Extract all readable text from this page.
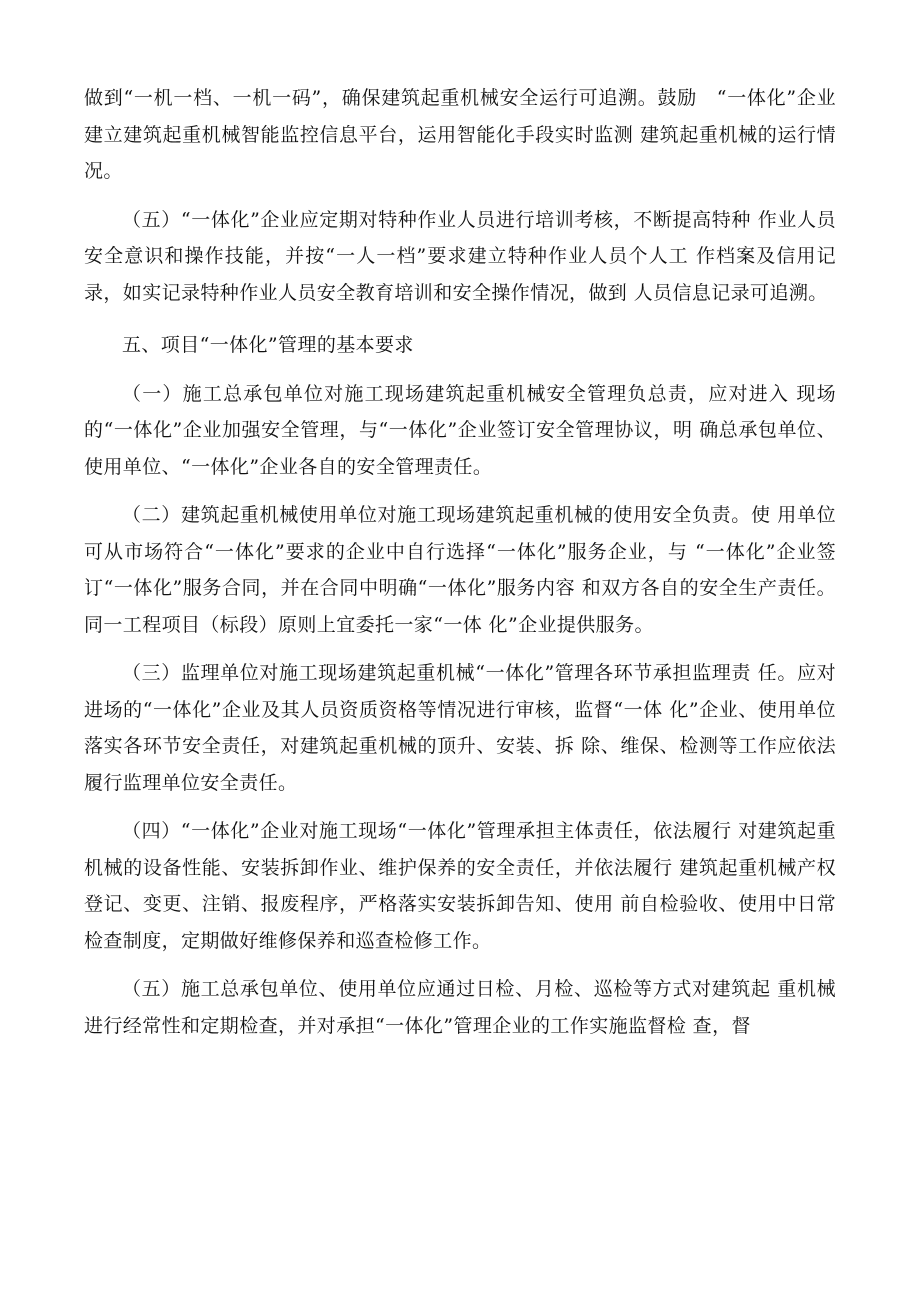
做到“一机一档、一机一码”，确保建筑起重机械安全运行可追溯。鼓励　“一体化”企业建立建筑起重机械智能监控信息平台，运用智能化手段实时监测 建筑起重机械的运行情况。

（五）“一体化”企业应定期对特种作业人员进行培训考核，不断提高特种 作业人员安全意识和操作技能，并按“一人一档”要求建立特种作业人员个人工 作档案及信用记录，如实记录特种作业人员安全教育培训和安全操作情况，做到 人员信息记录可追溯。

五、项目“一体化”管理的基本要求

（一）施工总承包单位对施工现场建筑起重机械安全管理负总责，应对进入 现场的“一体化”企业加强安全管理，与“一体化”企业签订安全管理协议，明 确总承包单位、使用单位、“一体化”企业各自的安全管理责任。

（二）建筑起重机械使用单位对施工现场建筑起重机械的使用安全负责。使 用单位可从市场符合“一体化”要求的企业中自行选择“一体化”服务企业，与 “一体化”企业签订“一体化”服务合同，并在合同中明确“一体化”服务内容 和双方各自的安全生产责任。同一工程项目（标段）原则上宜委托一家“一体 化”企业提供服务。

（三）监理单位对施工现场建筑起重机械“一体化”管理各环节承担监理责 任。应对进场的“一体化”企业及其人员资质资格等情况进行审核，监督“一体 化”企业、使用单位落实各环节安全责任，对建筑起重机械的顶升、安装、拆 除、维保、检测等工作应依法履行监理单位安全责任。

（四）“一体化”企业对施工现场“一体化”管理承担主体责任，依法履行 对建筑起重机械的设备性能、安装拆卸作业、维护保养的安全责任，并依法履行 建筑起重机械产权登记、变更、注销、报废程序，严格落实安装拆卸告知、使用 前自检验收、使用中日常检查制度，定期做好维修保养和巡查检修工作。

（五）施工总承包单位、使用单位应通过日检、月检、巡检等方式对建筑起 重机械进行经常性和定期检查，并对承担“一体化”管理企业的工作实施监督检 查，督
